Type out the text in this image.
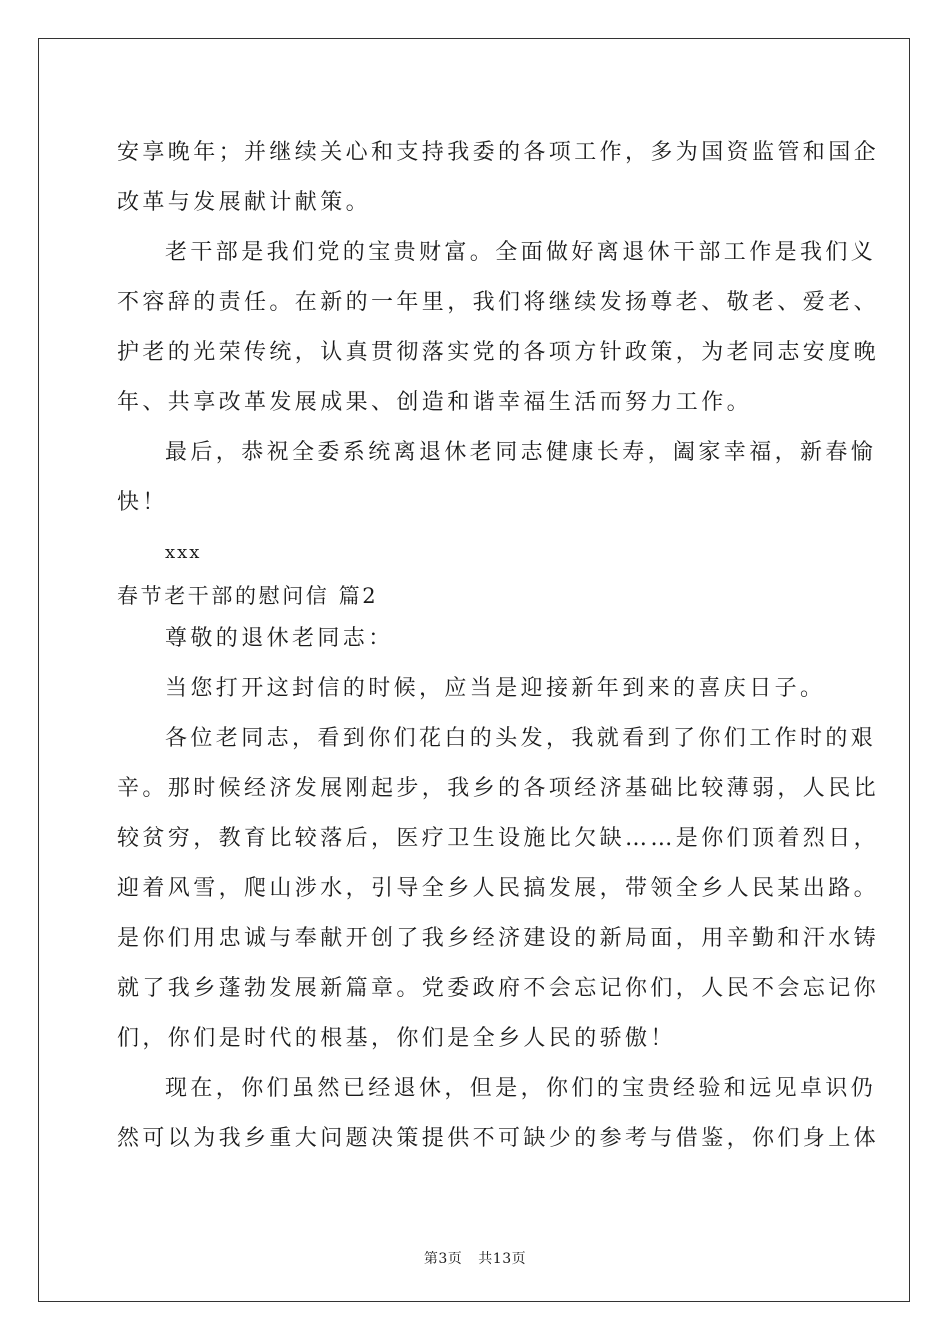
安享晚年；并继续关心和支持我委的各项工作，多为国资监管和国企
改革与发展献计献策。
老干部是我们党的宝贵财富。全面做好离退休干部工作是我们义
不容辞的责任。在新的一年里，我们将继续发扬尊老、敬老、爱老、
护老的光荣传统，认真贯彻落实党的各项方针政策，为老同志安度晚
年、共享改革发展成果、创造和谐幸福生活而努力工作。
最后，恭祝全委系统离退休老同志健康长寿，阖家幸福，新春愉
快！
xxx
春节老干部的慰问信 篇2
尊敬的退休老同志：
当您打开这封信的时候，应当是迎接新年到来的喜庆日子。
各位老同志，看到你们花白的头发，我就看到了你们工作时的艰
辛。那时候经济发展刚起步，我乡的各项经济基础比较薄弱，人民比
较贫穷，教育比较落后，医疗卫生设施比欠缺……是你们顶着烈日，
迎着风雪，爬山涉水，引导全乡人民搞发展，带领全乡人民某出路。
是你们用忠诚与奉献开创了我乡经济建设的新局面，用辛勤和汗水铸
就了我乡蓬勃发展新篇章。党委政府不会忘记你们，人民不会忘记你
们，你们是时代的根基，你们是全乡人民的骄傲！
现在，你们虽然已经退休，但是，你们的宝贵经验和远见卓识仍
然可以为我乡重大问题决策提供不可缺少的参考与借鉴，你们身上体
第3页 共13页
